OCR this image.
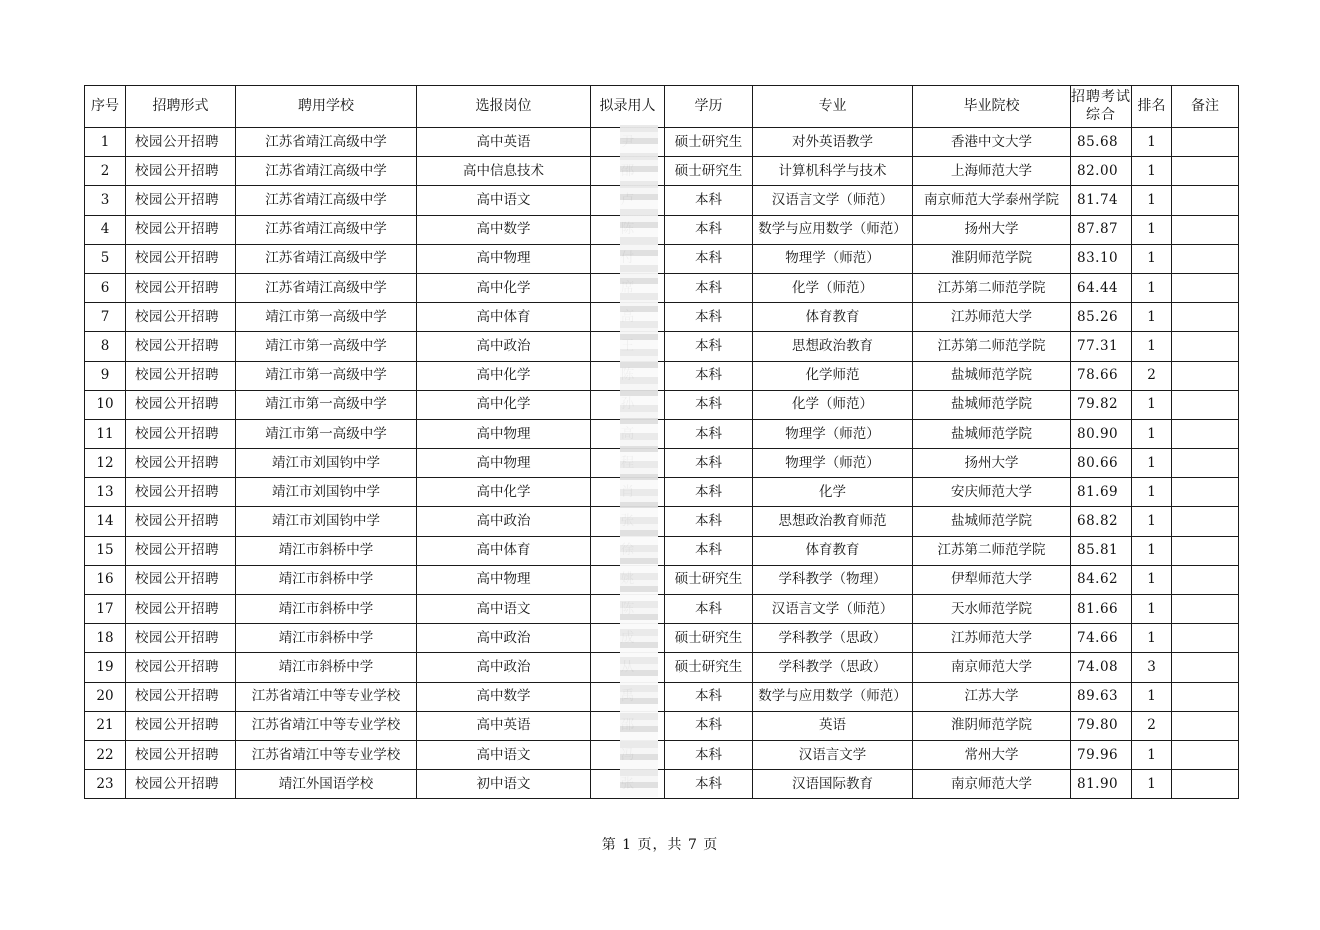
序号	招聘形式	聘用学校	选报岗位	拟录用人	学历	专业	毕业院校	招聘考试综合	排名	备注
1	校园公开招聘	江苏省靖江高级中学	高中英语		硕士研究生	对外英语教学	香港中文大学	85.68	1	
2	校园公开招聘	江苏省靖江高级中学	高中信息技术		硕士研究生	计算机科学与技术	上海师范大学	82.00	1	
3	校园公开招聘	江苏省靖江高级中学	高中语文		本科	汉语言文学（师范）	南京师范大学泰州学院	81.74	1	
4	校园公开招聘	江苏省靖江高级中学	高中数学		本科	数学与应用数学（师范）	扬州大学	87.87	1	
5	校园公开招聘	江苏省靖江高级中学	高中物理		本科	物理学（师范）	淮阴师范学院	83.10	1	
6	校园公开招聘	江苏省靖江高级中学	高中化学		本科	化学（师范）	江苏第二师范学院	64.44	1	
7	校园公开招聘	靖江市第一高级中学	高中体育		本科	体育教育	江苏师范大学	85.26	1	
8	校园公开招聘	靖江市第一高级中学	高中政治		本科	思想政治教育	江苏第二师范学院	77.31	1	
9	校园公开招聘	靖江市第一高级中学	高中化学		本科	化学师范	盐城师范学院	78.66	2	
10	校园公开招聘	靖江市第一高级中学	高中化学		本科	化学（师范）	盐城师范学院	79.82	1	
11	校园公开招聘	靖江市第一高级中学	高中物理		本科	物理学（师范）	盐城师范学院	80.90	1	
12	校园公开招聘	靖江市刘国钧中学	高中物理		本科	物理学（师范）	扬州大学	80.66	1	
13	校园公开招聘	靖江市刘国钧中学	高中化学		本科	化学	安庆师范大学	81.69	1	
14	校园公开招聘	靖江市刘国钧中学	高中政治		本科	思想政治教育师范	盐城师范学院	68.82	1	
15	校园公开招聘	靖江市斜桥中学	高中体育		本科	体育教育	江苏第二师范学院	85.81	1	
16	校园公开招聘	靖江市斜桥中学	高中物理		硕士研究生	学科教学（物理）	伊犁师范大学	84.62	1	
17	校园公开招聘	靖江市斜桥中学	高中语文		本科	汉语言文学（师范）	天水师范学院	81.66	1	
18	校园公开招聘	靖江市斜桥中学	高中政治		硕士研究生	学科教学（思政）	江苏师范大学	74.66	1	
19	校园公开招聘	靖江市斜桥中学	高中政治		硕士研究生	学科教学（思政）	南京师范大学	74.08	3	
20	校园公开招聘	江苏省靖江中等专业学校	高中数学		本科	数学与应用数学（师范）	江苏大学	89.63	1	
21	校园公开招聘	江苏省靖江中等专业学校	高中英语		本科	英语	淮阴师范学院	79.80	2	
22	校园公开招聘	江苏省靖江中等专业学校	高中语文		本科	汉语言文学	常州大学	79.96	1	
23	校园公开招聘	靖江外国语学校	初中语文		本科	汉语国际教育	南京师范大学	81.90	1	
第 1 页，共 7 页
